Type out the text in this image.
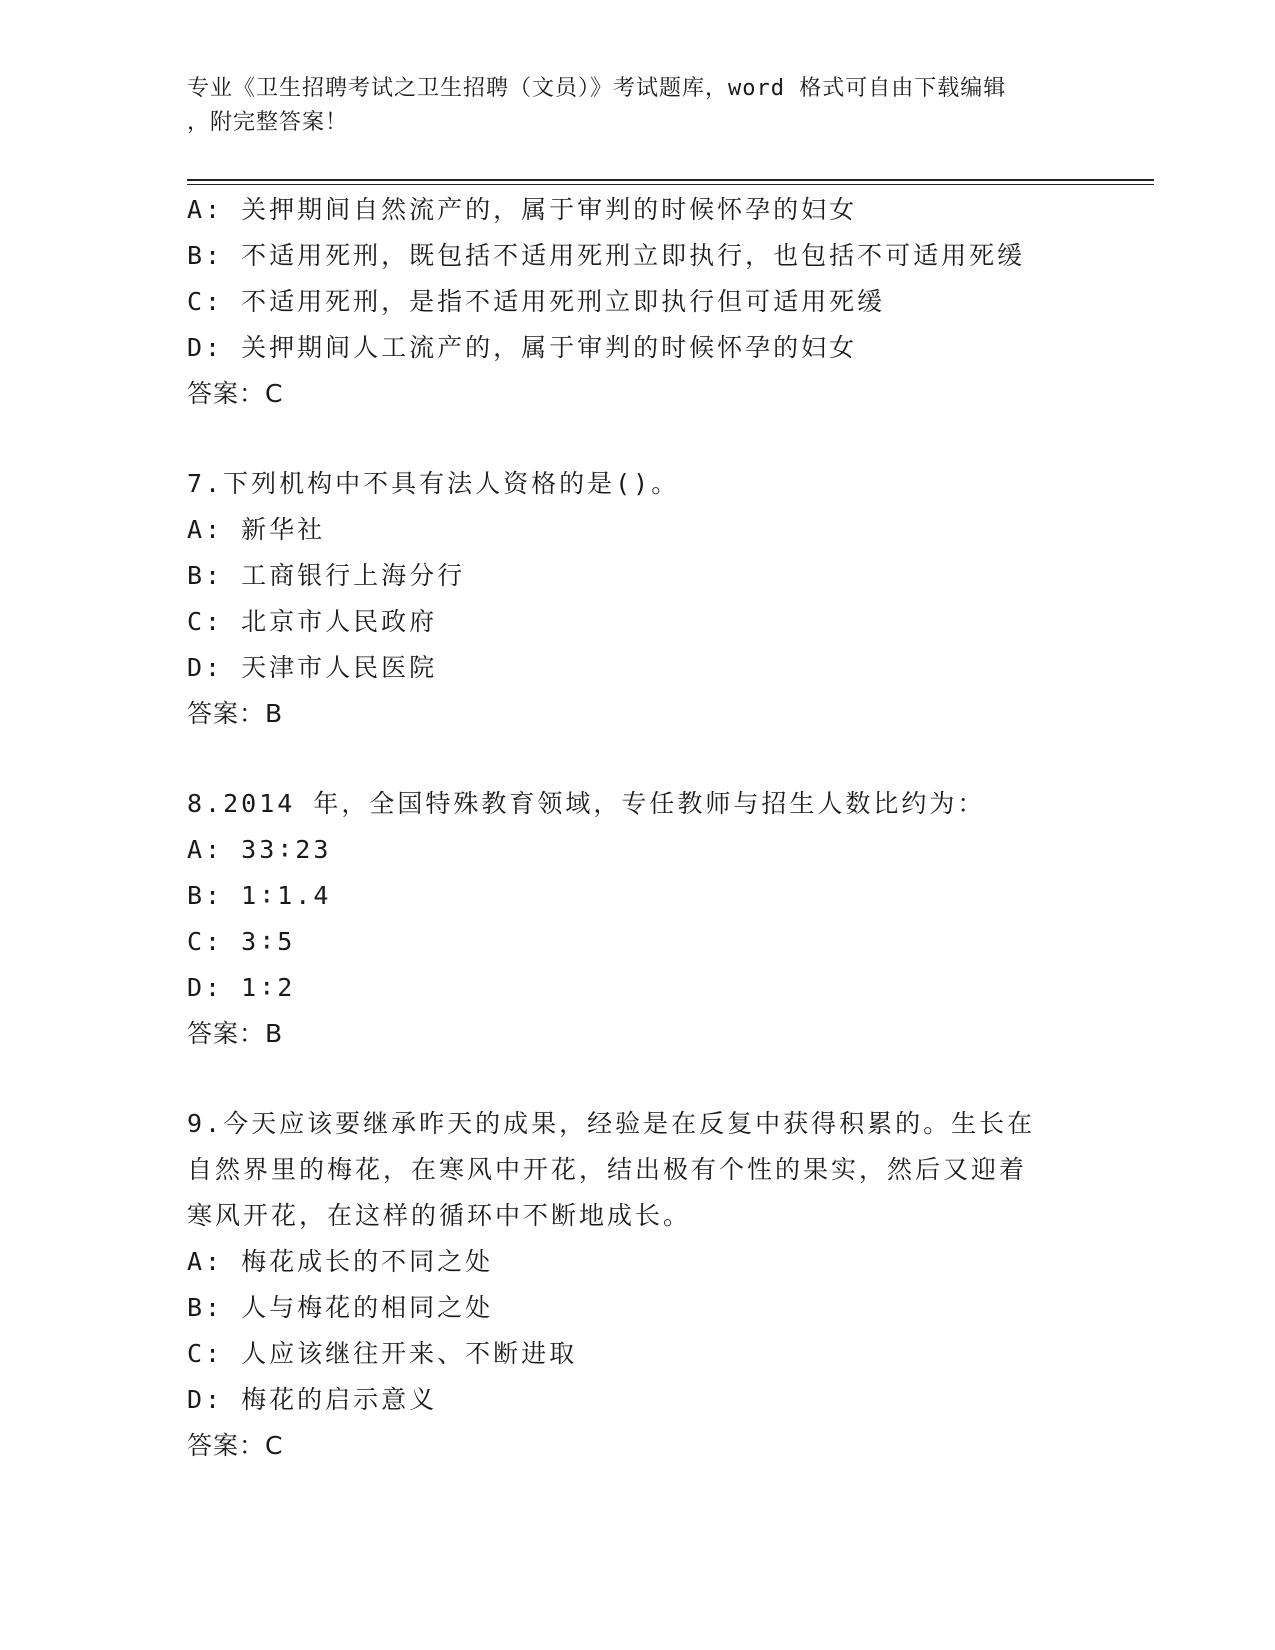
专业《卫生招聘考试之卫生招聘（文员）》考试题库，word 格式可自由下载编辑
，附完整答案！
A: 关押期间自然流产的，属于审判的时候怀孕的妇女
B: 不适用死刑，既包括不适用死刑立即执行，也包括不可适用死缓
C: 不适用死刑，是指不适用死刑立即执行但可适用死缓
D: 关押期间人工流产的，属于审判的时候怀孕的妇女
答案：C
7.下列机构中不具有法人资格的是()。
A: 新华社
B: 工商银行上海分行
C: 北京市人民政府
D: 天津市人民医院
答案：B
8.2014 年，全国特殊教育领域，专任教师与招生人数比约为：
A: 33∶23
B: 1∶1.4
C: 3∶5
D: 1∶2
答案：B
9.今天应该要继承昨天的成果，经验是在反复中获得积累的。生长在
自然界里的梅花，在寒风中开花，结出极有个性的果实，然后又迎着
寒风开花，在这样的循环中不断地成长。
A: 梅花成长的不同之处
B: 人与梅花的相同之处
C: 人应该继往开来、不断进取
D: 梅花的启示意义
答案：C
